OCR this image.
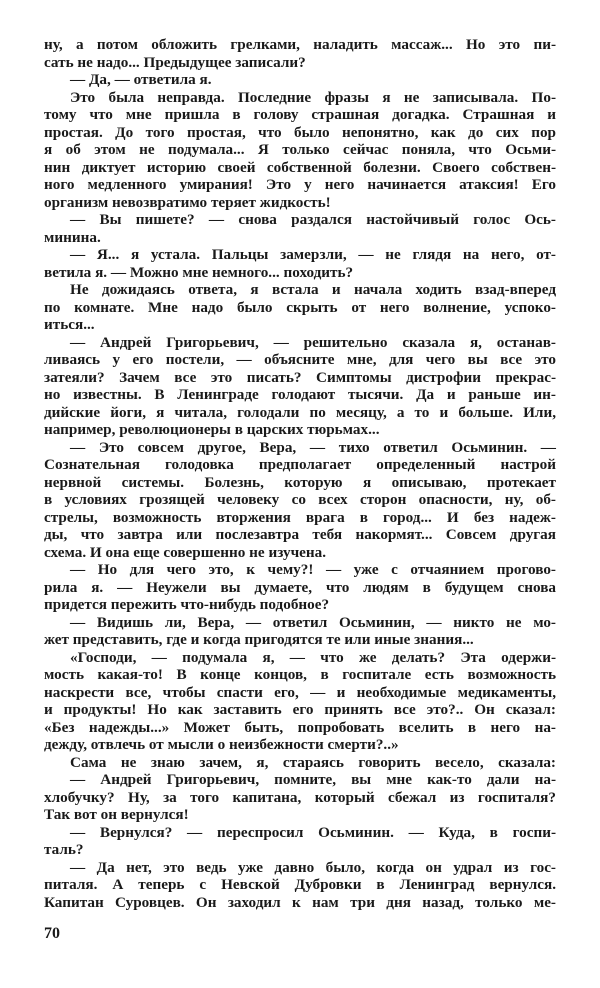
ну, а потом обложить грелками, наладить массаж... Но это пи-
сать не надо... Предыдущее записали?
— Да, — ответила я.
Это была неправда. Последние фразы я не записывала. По-
тому что мне пришла в голову страшная догадка. Страшная и
простая. До того простая, что было непонятно, как до сих пор
я об этом не подумала... Я только сейчас поняла, что Осьми-
нин диктует историю своей собственной болезни. Своего собствен-
ного медленного умирания! Это у него начинается атаксия! Его
организм невозвратимо теряет жидкость!
— Вы пишете? — снова раздался настойчивый голос Ось-
минина.
— Я... я устала. Пальцы замерзли, — не глядя на него, от-
ветила я. — Можно мне немного... походить?
Не дожидаясь ответа, я встала и начала ходить взад-вперед
по комнате. Мне надо было скрыть от него волнение, успоко-
иться...
— Андрей Григорьевич, — решительно сказала я, останав-
ливаясь у его постели, — объясните мне, для чего вы все это
затеяли? Зачем все это писать? Симптомы дистрофии прекрас-
но известны. В Ленинграде голодают тысячи. Да и раньше ин-
дийские йоги, я читала, голодали по месяцу, а то и больше. Или,
например, революционеры в царских тюрьмах...
— Это совсем другое, Вера, — тихо ответил Осьминин. —
Сознательная голодовка предполагает определенный настрой
нервной системы. Болезнь, которую я описываю, протекает
в условиях грозящей человеку со всех сторон опасности, ну, об-
стрелы, возможность вторжения врага в город... И без надеж-
ды, что завтра или послезавтра тебя накормят... Совсем другая
схема. И она еще совершенно не изучена.
— Но для чего это, к чему?! — уже с отчаянием прогово-
рила я. — Неужели вы думаете, что людям в будущем снова
придется пережить что-нибудь подобное?
— Видишь ли, Вера, — ответил Осьминин, — никто не мо-
жет представить, где и когда пригодятся те или иные знания...
«Господи, — подумала я, — что же делать? Эта одержи-
мость какая-то! В конце концов, в госпитале есть возможность
наскрести все, чтобы спасти его, — и необходимые медикаменты,
и продукты! Но как заставить его принять все это?.. Он сказал:
«Без надежды...» Может быть, попробовать вселить в него на-
дежду, отвлечь от мысли о неизбежности смерти?..»
Сама не знаю зачем, я, стараясь говорить весело, сказала:
— Андрей Григорьевич, помните, вы мне как-то дали на-
хлобучку? Ну, за того капитана, который сбежал из госпиталя?
Так вот он вернулся!
— Вернулся? — переспросил Осьминин. — Куда, в госпи-
таль?
— Да нет, это ведь уже давно было, когда он удрал из гос-
питаля. А теперь с Невской Дубровки в Ленинград вернулся.
Капитан Суровцев. Он заходил к нам три дня назад, только ме-
70
